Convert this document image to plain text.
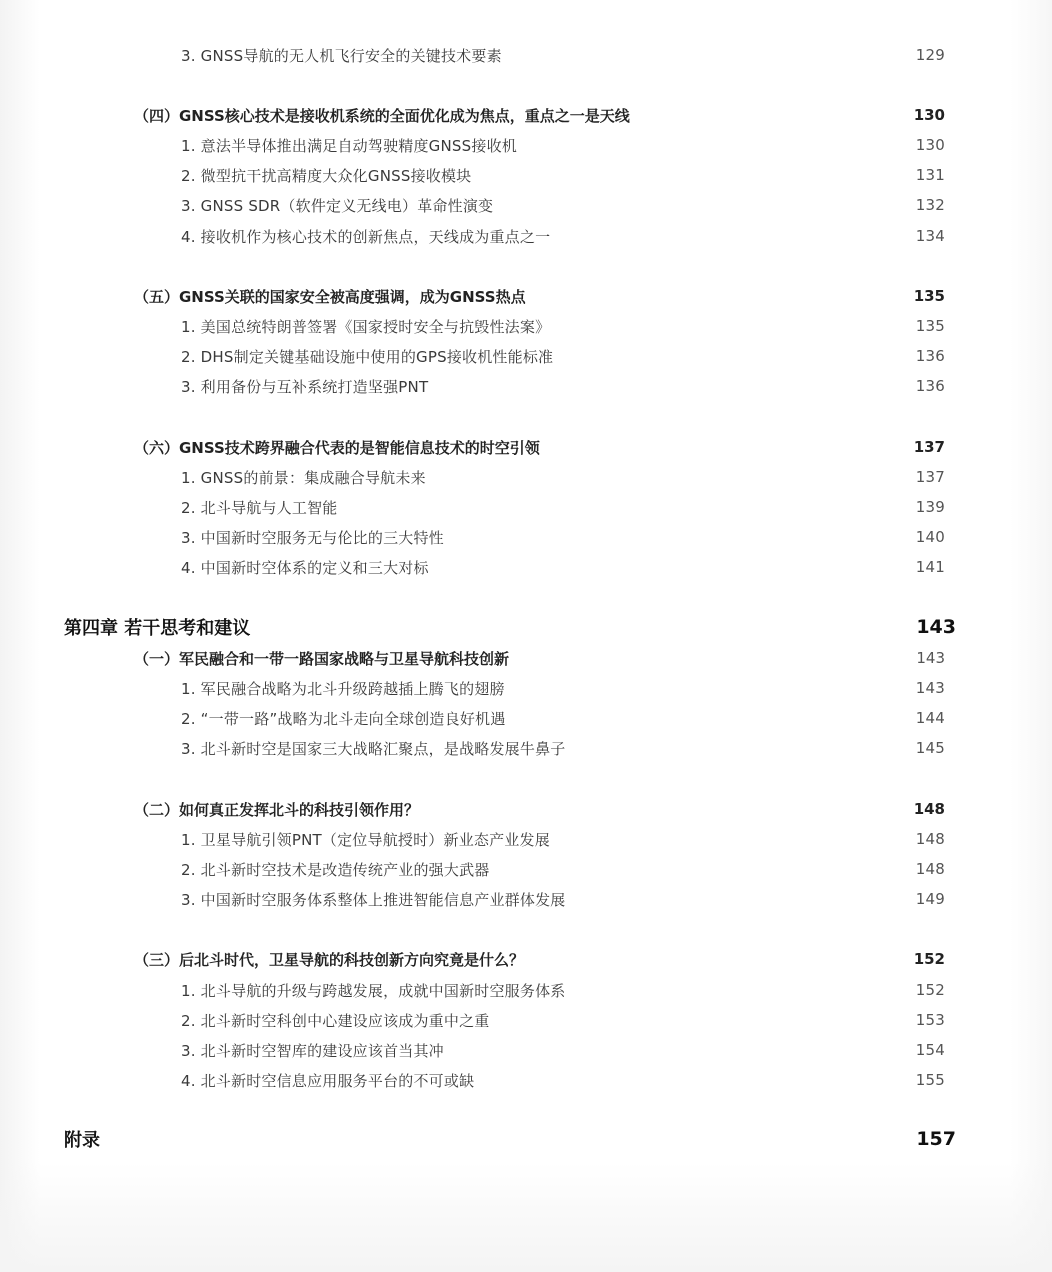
3. GNSS导航的无人机飞行安全的关键技术要素	129
（四）GNSS核心技术是接收机系统的全面优化成为焦点，重点之一是天线	130
1. 意法半导体推出满足自动驾驶精度GNSS接收机	130
2. 微型抗干扰高精度大众化GNSS接收模块	131
3. GNSS SDR（软件定义无线电）革命性演变	132
4. 接收机作为核心技术的创新焦点，天线成为重点之一	134
（五）GNSS关联的国家安全被高度强调，成为GNSS热点	135
1. 美国总统特朗普签署《国家授时安全与抗毁性法案》	135
2. DHS制定关键基础设施中使用的GPS接收机性能标准	136
3. 利用备份与互补系统打造坚强PNT	136
（六）GNSS技术跨界融合代表的是智能信息技术的时空引领	137
1. GNSS的前景：集成融合导航未来	137
2. 北斗导航与人工智能	139
3. 中国新时空服务无与伦比的三大特性	140
4. 中国新时空体系的定义和三大对标	141
第四章 若干思考和建议	143
（一）军民融合和一带一路国家战略与卫星导航科技创新	143
1. 军民融合战略为北斗升级跨越插上腾飞的翅膀	143
2. “一带一路”战略为北斗走向全球创造良好机遇	144
3. 北斗新时空是国家三大战略汇聚点，是战略发展牛鼻子	145
（二）如何真正发挥北斗的科技引领作用？	148
1. 卫星导航引领PNT（定位导航授时）新业态产业发展	148
2. 北斗新时空技术是改造传统产业的强大武器	148
3. 中国新时空服务体系整体上推进智能信息产业群体发展	149
（三）后北斗时代，卫星导航的科技创新方向究竟是什么？	152
1. 北斗导航的升级与跨越发展，成就中国新时空服务体系	152
2. 北斗新时空科创中心建设应该成为重中之重	153
3. 北斗新时空智库的建设应该首当其冲	154
4. 北斗新时空信息应用服务平台的不可或缺	155
附录	157
